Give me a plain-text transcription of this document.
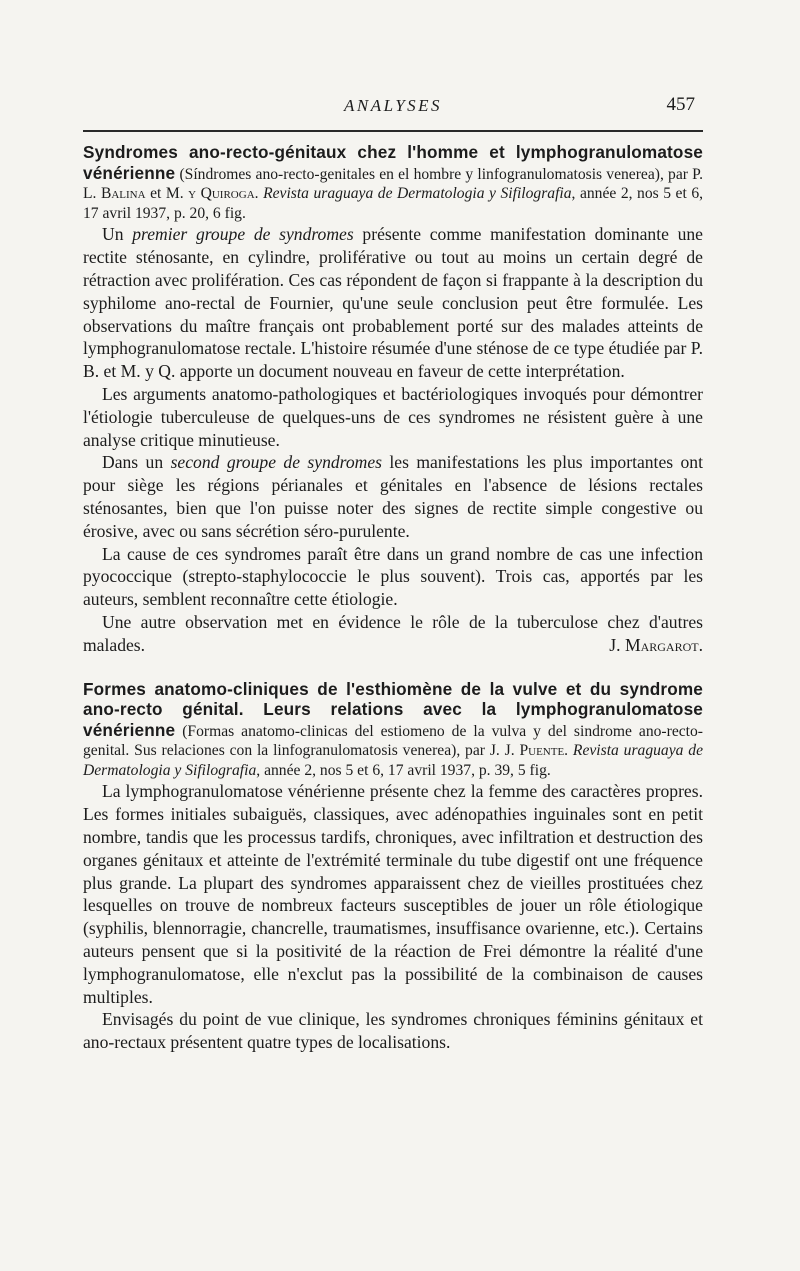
ANALYSES	457

Syndromes ano-recto-génitaux chez l'homme et lymphogranulomatose vénérienne (Síndromes ano-recto-genitales en el hombre y linfogranulomatosis venerea), par P. L. Balina et M. y Quiroga. Revista uraguaya de Dermatologia y Sifilografia, année 2, nos 5 et 6, 17 avril 1937, p. 20, 6 fig.

Un premier groupe de syndromes présente comme manifestation dominante une rectite sténosante, en cylindre, proliférative ou tout au moins un certain degré de rétraction avec prolifération. Ces cas répondent de façon si frappante à la description du syphilome ano-rectal de Fournier, qu'une seule conclusion peut être formulée. Les observations du maître français ont probablement porté sur des malades atteints de lymphogranulomatose rectale. L'histoire résumée d'une sténose de ce type étudiée par P. B. et M. y Q. apporte un document nouveau en faveur de cette interprétation.

Les arguments anatomo-pathologiques et bactériologiques invoqués pour démontrer l'étiologie tuberculeuse de quelques-uns de ces syndromes ne résistent guère à une analyse critique minutieuse.

Dans un second groupe de syndromes les manifestations les plus importantes ont pour siège les régions périanales et génitales en l'absence de lésions rectales sténosantes, bien que l'on puisse noter des signes de rectite simple congestive ou érosive, avec ou sans sécrétion séro-purulente.

La cause de ces syndromes paraît être dans un grand nombre de cas une infection pyococcique (strepto-staphylococcie le plus souvent). Trois cas, apportés par les auteurs, semblent reconnaître cette étiologie.

Une autre observation met en évidence le rôle de la tuberculose chez d'autres malades.	J. Margarot.

Formes anatomo-cliniques de l'esthiomène de la vulve et du syndrome ano-recto génital. Leurs relations avec la lymphogranulomatose vénérienne (Formas anatomo-clinicas del estiomeno de la vulva y del sindrome ano-recto-genital. Sus relaciones con la linfogranulomatosis venerea), par J. J. Puente. Revista uraguaya de Dermatologia y Sifilografia, année 2, nos 5 et 6, 17 avril 1937, p. 39, 5 fig.

La lymphogranulomatose vénérienne présente chez la femme des caractères propres. Les formes initiales subaiguës, classiques, avec adénopathies inguinales sont en petit nombre, tandis que les processus tardifs, chroniques, avec infiltration et destruction des organes génitaux et atteinte de l'extrémité terminale du tube digestif ont une fréquence plus grande. La plupart des syndromes apparaissent chez de vieilles prostituées chez lesquelles on trouve de nombreux facteurs susceptibles de jouer un rôle étiologique (syphilis, blennorragie, chancrelle, traumatismes, insuffisance ovarienne, etc.). Certains auteurs pensent que si la positivité de la réaction de Frei démontre la réalité d'une lymphogranulomatose, elle n'exclut pas la possibilité de la combinaison de causes multiples.

Envisagés du point de vue clinique, les syndromes chroniques féminins génitaux et ano-rectaux présentent quatre types de localisations.
